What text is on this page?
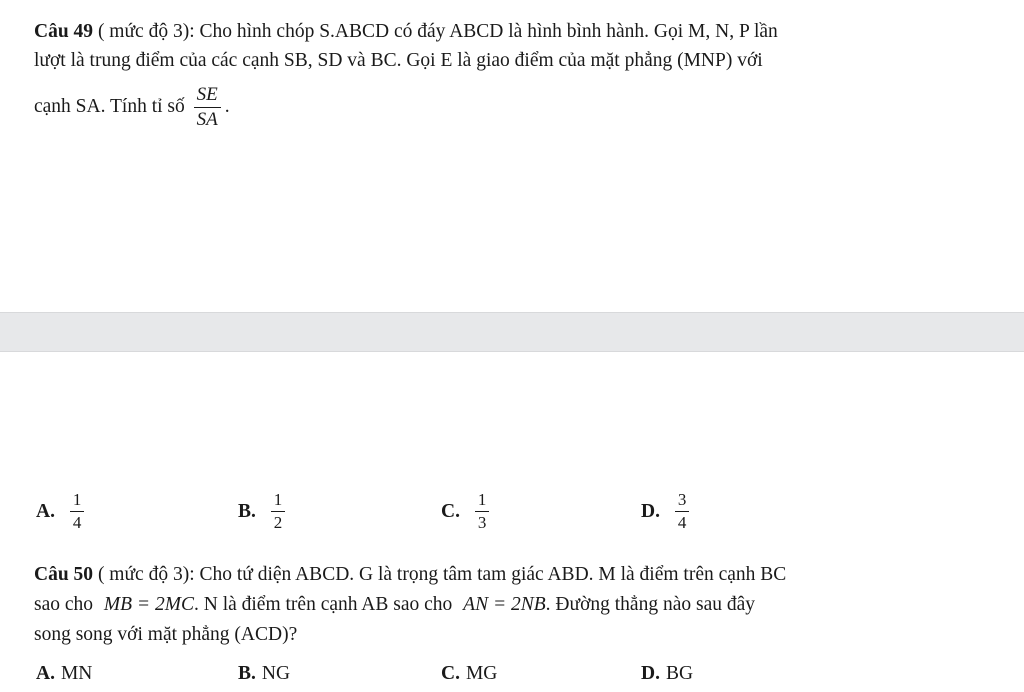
Câu 49 ( mức độ 3): Cho hình chóp S.ABCD có đáy ABCD là hình bình hành. Gọi M, N, P lần
lượt là trung điểm của các cạnh SB, SD và BC. Gọi E là giao điểm của mặt phẳng (MNP) với
cạnh SA. Tính tỉ số $\frac{SE}{SA}$ .
A. $\frac{1}{4}$	B. $\frac{1}{2}$	C. $\frac{1}{3}$	D. $\frac{3}{4}$
Câu 50 ( mức độ 3): Cho tứ diện ABCD. G là trọng tâm tam giác ABD. M là điểm trên cạnh BC
sao cho MB = 2MC. N là điểm trên cạnh AB sao cho AN = 2NB. Đường thẳng nào sau đây
song song với mặt phẳng (ACD)?
A. MN	B. NG	C. MG	D. BG
